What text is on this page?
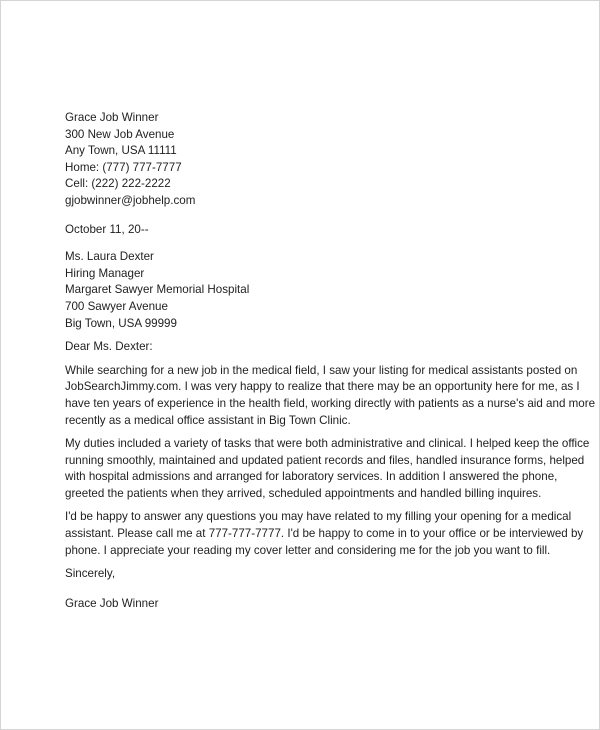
Grace Job Winner
300 New Job Avenue
Any Town, USA 11111
Home: (777) 777-7777
Cell: (222) 222-2222
gjobwinner@jobhelp.com
October 11, 20--
Ms. Laura Dexter
Hiring Manager
Margaret Sawyer Memorial Hospital
700 Sawyer Avenue
Big Town, USA 99999
Dear Ms. Dexter:

While searching for a new job in the medical field, I saw your listing for medical assistants posted on
JobSearchJimmy.com. I was very happy to realize that there may be an opportunity here for me, as I
have ten years of experience in the health field, working directly with patients as a nurse's aid and more
recently as a medical office assistant in Big Town Clinic.

My duties included a variety of tasks that were both administrative and clinical. I helped keep the office
running smoothly, maintained and updated patient records and files, handled insurance forms, helped
with hospital admissions and arranged for laboratory services. In addition I answered the phone,
greeted the patients when they arrived, scheduled appointments and handled billing inquires.

I'd be happy to answer any questions you may have related to my filling your opening for a medical
assistant. Please call me at 777-777-7777. I'd be happy to come in to your office or be interviewed by
phone. I appreciate your reading my cover letter and considering me for the job you want to fill.

Sincerely,
Grace Job Winner
